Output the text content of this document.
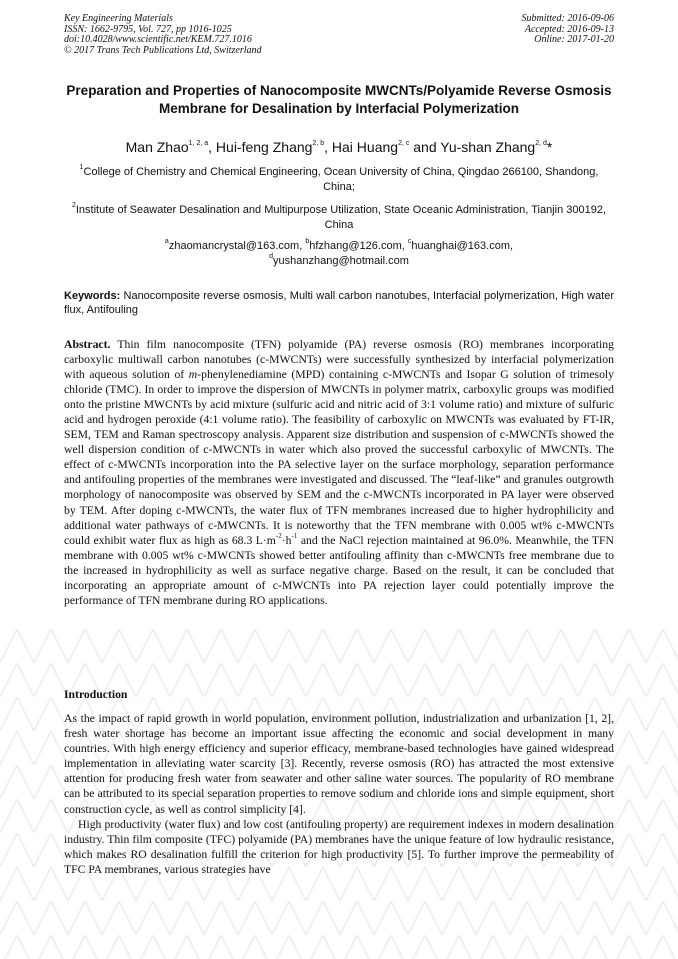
Key Engineering Materials
ISSN: 1662-9795, Vol. 727, pp 1016-1025
doi:10.4028/www.scientific.net/KEM.727.1016
© 2017 Trans Tech Publications Ltd, Switzerland
Submitted: 2016-09-06
Accepted: 2016-09-13
Online: 2017-01-20
Preparation and Properties of Nanocomposite MWCNTs/Polyamide Reverse Osmosis Membrane for Desalination by Interfacial Polymerization
Man Zhao$^{1, 2, a}$, Hui-feng Zhang$^{2, b}$, Hai Huang$^{2, c}$ and Yu-shan Zhang$^{2, d}$*
$^1$College of Chemistry and Chemical Engineering, Ocean University of China, Qingdao 266100, Shandong, China;
$^2$Institute of Seawater Desalination and Multipurpose Utilization, State Oceanic Administration, Tianjin 300192, China
$^a$zhaomancrystal@163.com, $^b$hfzhang@126.com, $^c$huanghai@163.com,
$^d$yushanzhang@hotmail.com

Keywords: Nanocomposite reverse osmosis, Multi wall carbon nanotubes, Interfacial polymerization, High water flux, Antifouling

Abstract. Thin film nanocomposite (TFN) polyamide (PA) reverse osmosis (RO) membranes incorporating carboxylic multiwall carbon nanotubes (c-MWCNTs) were successfully synthesized by interfacial polymerization with aqueous solution of m-phenylenediamine (MPD) containing c-MWCNTs and Isopar G solution of trimesoly chloride (TMC). In order to improve the dispersion of MWCNTs in polymer matrix, carboxylic groups was modified onto the pristine MWCNTs by acid mixture (sulfuric acid and nitric acid of 3:1 volume ratio) and mixture of sulfuric acid and hydrogen peroxide (4:1 volume ratio). The feasibility of carboxylic on MWCNTs was evaluated by FT-IR, SEM, TEM and Raman spectroscopy analysis. Apparent size distribution and suspension of c-MWCNTs showed the well dispersion condition of c-MWCNTs in water which also proved the successful carboxylic of MWCNTs. The effect of c-MWCNTs incorporation into the PA selective layer on the surface morphology, separation performance and antifouling properties of the membranes were investigated and discussed. The “leaf-like” and granules outgrowth morphology of nanocomposite was observed by SEM and the c-MWCNTs incorporated in PA layer were observed by TEM. After doping c-MWCNTs, the water flux of TFN membranes increased due to higher hydrophilicity and additional water pathways of c-MWCNTs. It is noteworthy that the TFN membrane with 0.005 wt% c-MWCNTs could exhibit water flux as high as 68.3 $L\cdot m^{-2}\cdot h^{-1}$ and the NaCl rejection maintained at 96.0%. Meanwhile, the TFN membrane with 0.005 wt% c-MWCNTs showed better antifouling affinity than c-MWCNTs free membrane due to the increased in hydrophilicity as well as surface negative charge. Based on the result, it can be concluded that incorporating an appropriate amount of c-MWCNTs into PA rejection layer could potentially improve the performance of TFN membrane during RO applications.

Introduction

As the impact of rapid growth in world population, environment pollution, industrialization and urbanization [1, 2], fresh water shortage has become an important issue affecting the economic and social development in many countries. With high energy efficiency and superior efficacy, membrane-based technologies have gained widespread implementation in alleviating water scarcity [3]. Recently, reverse osmosis (RO) has attracted the most extensive attention for producing fresh water from seawater and other saline water sources. The popularity of RO membrane can be attributed to its special separation properties to remove sodium and chloride ions and simple equipment, short construction cycle, as well as control simplicity [4].

High productivity (water flux) and low cost (antifouling property) are requirement indexes in modern desalination industry. Thin film composite (TFC) polyamide (PA) membranes have the unique feature of low hydraulic resistance, which makes RO desalination fulfill the criterion for high productivity [5]. To further improve the permeability of TFC PA membranes, various strategies have
